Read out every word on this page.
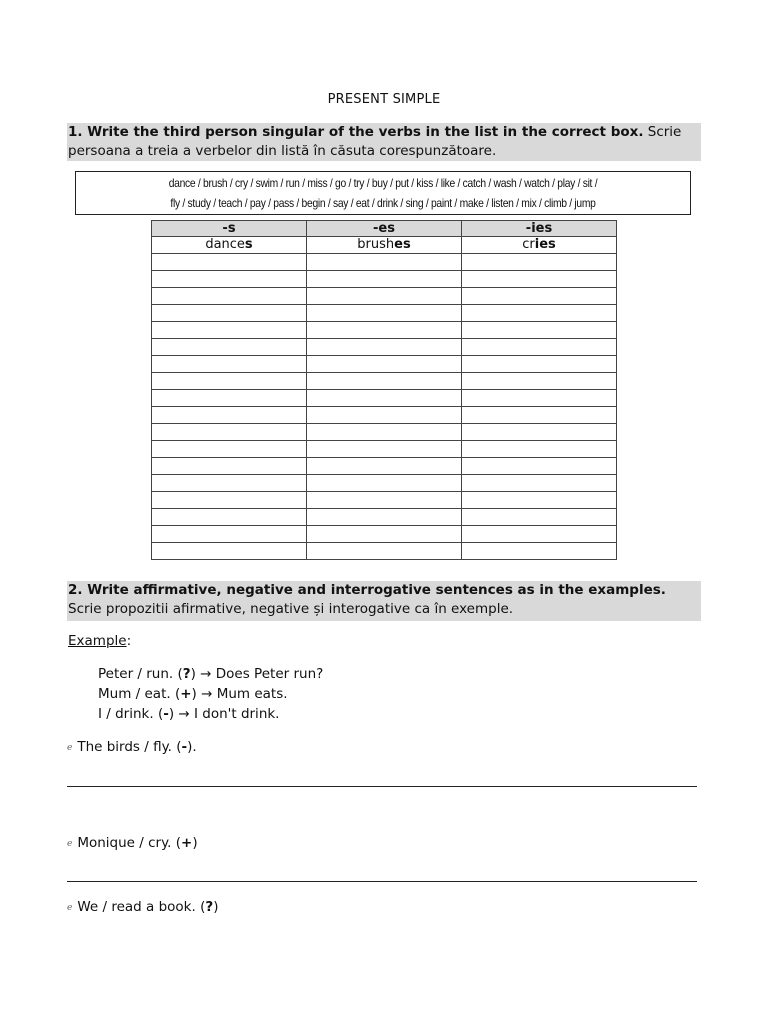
PRESENT SIMPLE
1. Write the third person singular of the verbs in the list in the correct box. Scrie
persoana a treia a verbelor din listă în căsuta corespunzătoare.
dance / brush / cry / swim / run / miss / go / try / buy / put / kiss / like / catch / wash / watch / play / sit /
fly / study / teach / pay / pass / begin / say / eat / drink / sing / paint / make / listen / mix / climb / jump
-s	-es	-ies
dances	brushes	cries

2. Write affirmative, negative and interrogative sentences as in the examples.
Scrie propozitii afirmative, negative și interogative ca în exemple.
Example:
Peter / run. (?) → Does Peter run?
Mum / eat. (+) → Mum eats.
I / drink. (-) → I don't drink.
ℯ The birds / fly. (-).
ℯ Monique / cry. (+)
ℯ We / read a book. (?)
